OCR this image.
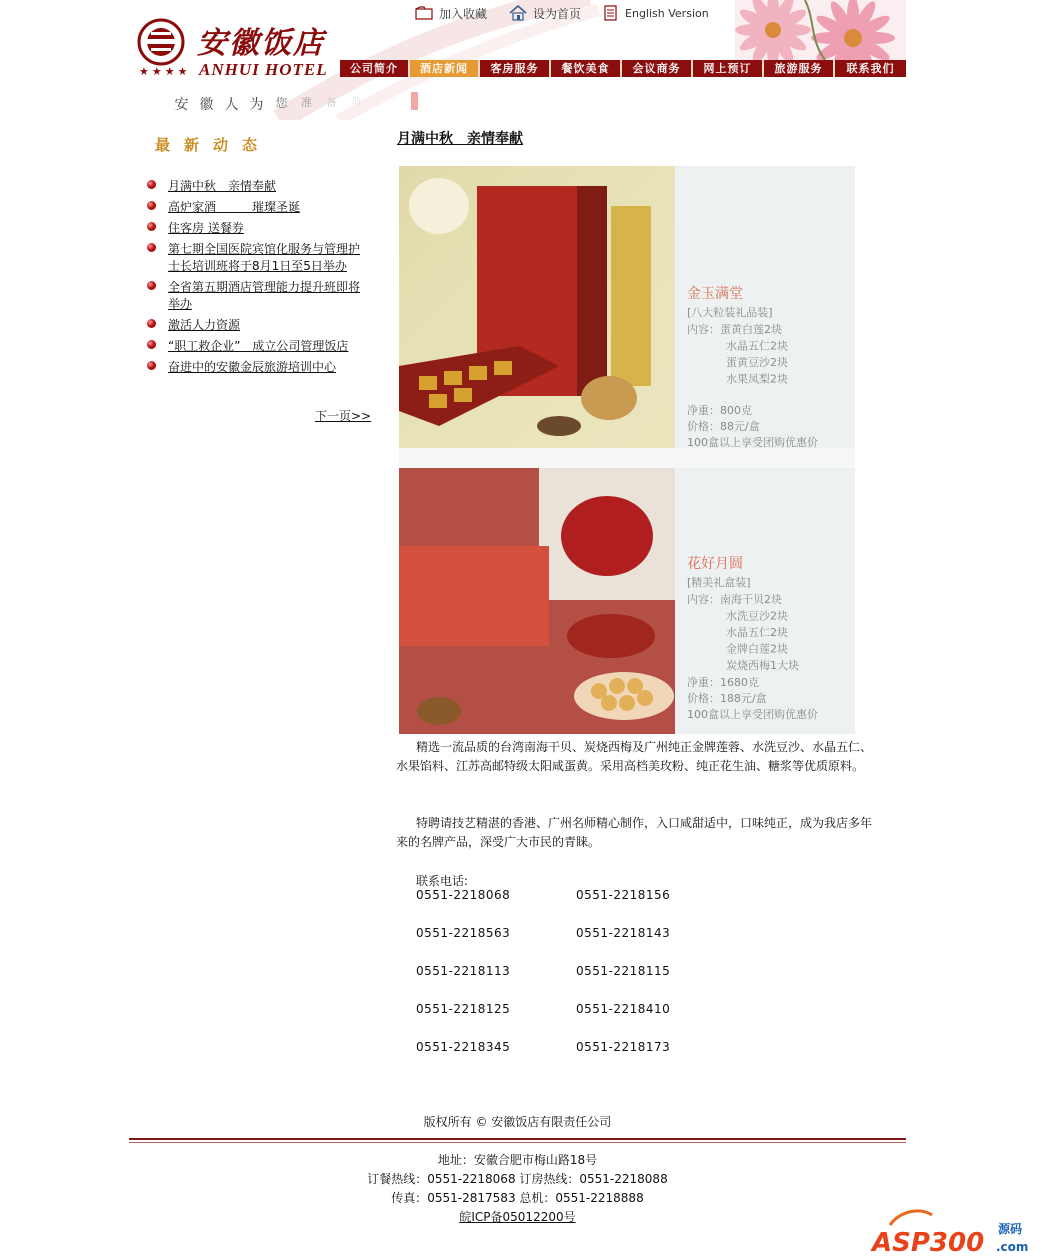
安徽饭店
★★★★ ANHUI HOTEL
加入收藏	设为首页	English Version
公司简介	酒店新闻	客房服务	餐饮美食	会议商务	网上预订	旅游服务	联系我们
安 徽 人 为 您	准	备	的
最新动态
月满中秋　亲情奉献
高炉家酒　　　璀璨圣诞
住客房 送餐券
第七期全国医院宾馆化服务与管理护士长培训班将于8月1日至5日举办
全省第五期酒店管理能力提升班即将举办
激活人力资源
“职工救企业”　成立公司管理饭店
奋进中的安徽金辰旅游培训中心
下一页>>
月满中秋　亲情奉献
金玉满堂
[八大粒装礼品装]
内容：蛋黄白莲2块
水晶五仁2块
蛋黄豆沙2块
水果凤梨2块
净重：800克
价格：88元/盒
100盒以上享受团购优惠价
花好月圆
[精美礼盒装]
内容：南海干贝2块
水洗豆沙2块
水晶五仁2块
金牌白莲2块
炭烧西梅1大块
净重：1680克
价格：188元/盒
100盒以上享受团购优惠价

精选一流品质的台湾南海干贝、炭烧西梅及广州纯正金牌莲蓉、水洗豆沙、水晶五仁、水果馅料、江苏高邮特级太阳咸蛋黄。采用高档美玫粉、纯正花生油、糖浆等优质原料。

特聘请技艺精湛的香港、广州名师精心制作，入口咸甜适中，口味纯正，成为我店多年来的名牌产品，深受广大市民的青睐。

联系电话:
0551-2218068	0551-2218156
0551-2218563	0551-2218143
0551-2218113	0551-2218115
0551-2218125	0551-2218410
0551-2218345	0551-2218173
版权所有 © 安徽饭店有限责任公司
地址：安徽合肥市梅山路18号
订餐热线：0551-2218068 订房热线：0551-2218088
传真：0551-2817583 总机：0551-2218888
皖ICP备05012200号
ASP300 源码
.com
